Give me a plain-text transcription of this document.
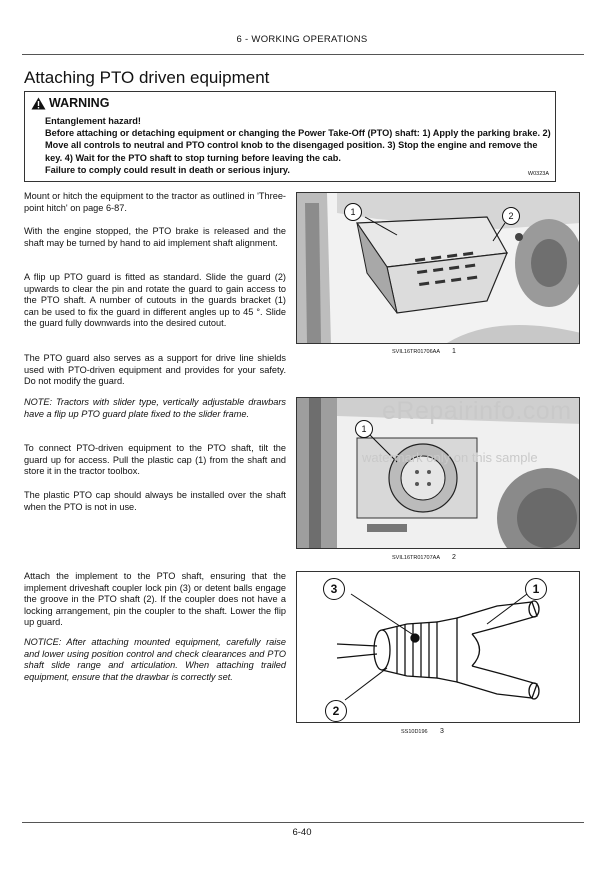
6 - WORKING OPERATIONS
Attaching PTO driven equipment
WARNING
Entanglement hazard!
Before attaching or detaching equipment or changing the Power Take-Off (PTO) shaft: 1) Apply the parking brake. 2) Move all controls to neutral and PTO control knob to the disengaged position. 3) Stop the engine and remove the key. 4) Wait for the PTO shaft to stop turning before leaving the cab.
Failure to comply could result in death or serious injury.	W0323A
Mount or hitch the equipment to the tractor as outlined in 'Three-point hitch' on page 6-87.
With the engine stopped, the PTO brake is released and the shaft may be turned by hand to aid implement shaft alignment.
A flip up PTO guard is fitted as standard. Slide the guard (2) upwards to clear the pin and rotate the guard to gain access to the PTO shaft. A number of cutouts in the guards bracket (1) can be used to fix the guard in different angles up to 45 °. Slide the guard fully downwards into the desired cutout.
The PTO guard also serves as a support for drive line shields used with PTO-driven equipment and provides for your safety. Do not modify the guard.
NOTE: Tractors with slider type, vertically adjustable drawbars have a flip up PTO guard plate fixed to the slider frame.
To connect PTO-driven equipment to the PTO shaft, tilt the guard up for access. Pull the plastic cap (1) from the shaft and store it in the tractor toolbox.
The plastic PTO cap should always be installed over the shaft when the PTO is not in use.
Attach the implement to the PTO shaft, ensuring that the implement driveshaft coupler lock pin (3) or detent balls engage the groove in the PTO shaft (2). If the coupler does not have a locking arrangement, pin the coupler to the shaft. Lower the flip up guard.
NOTICE: After attaching mounted equipment, carefully raise and lower using position control and check clearances and PTO shaft slide range and articulation. When attaching trailed equipment, ensure that the drawbar is correctly set.
1	2
SVIL16TR01706AA 1
1
eRepairinfo.com
watermark only on this sample
SVIL16TR01707AA 2
3	1
2
SS10D196 3
6-40
